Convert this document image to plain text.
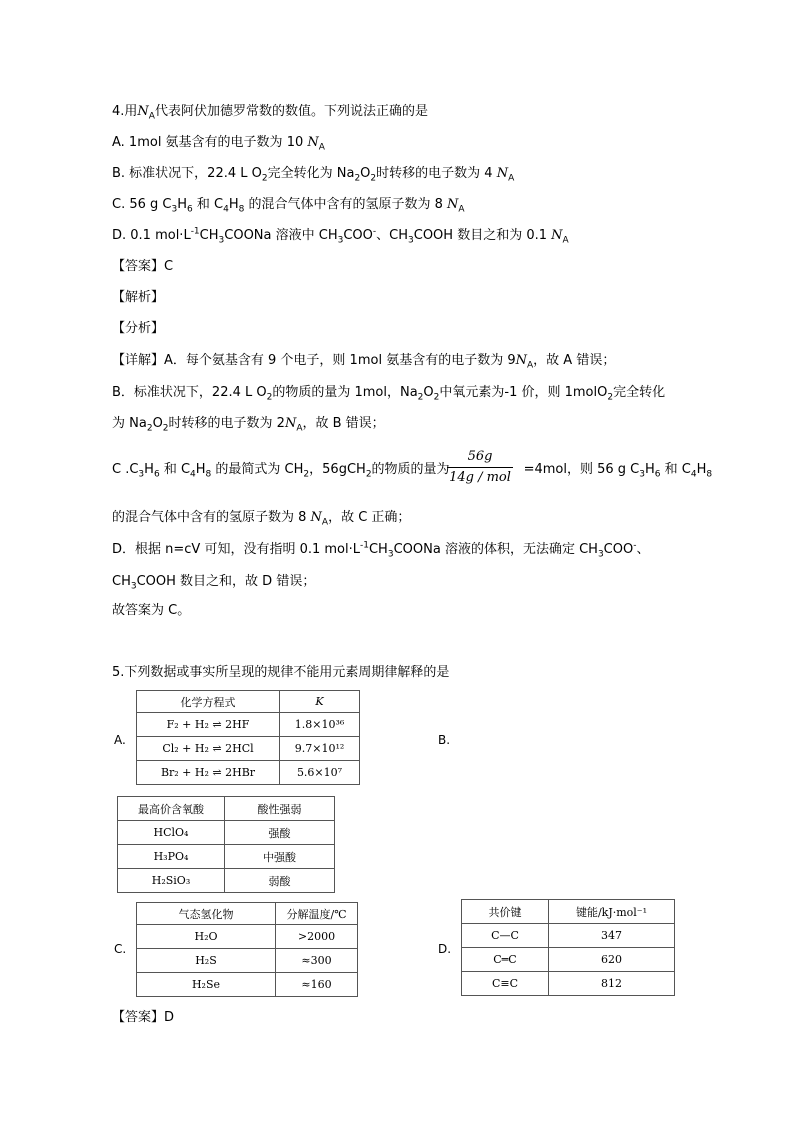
4.用$N_A$代表阿伏加德罗常数的数值。下列说法正确的是
A. 1mol 氨基含有的电子数为 10 $N_A$
B. 标准状况下，22.4 L $O_2$完全转化为 $Na_2O_2$时转移的电子数为 4 $N_A$
C. 56 g $C_3H_6$ 和 $C_4H_8$ 的混合气体中含有的氢原子数为 8 $N_A$
D. 0.1 $mol\cdot L^{-1}CH_3COONa$ 溶液中 $CH_3COO^-$、$CH_3COOH$ 数目之和为 0.1 $N_A$
【答案】C
【解析】
【分析】
【详解】A．每个氨基含有 9 个电子，则 1mol 氨基含有的电子数为 $9N_A$，故 A 错误；
B．标准状况下，22.4 L $O_2$的物质的量为 1mol，$Na_2O_2$中氧元素为-1 价，则 1molO$_2$完全转化
为 $Na_2O_2$时转移的电子数为 $2N_A$，故 B 错误；
C $.C_3H_6$ 和 $C_4H_8$ 的最简式为 $CH_2$，56gCH$_2$的物质的量为	=4mol，则 56 g $C_3H_6$ 和 $C_4H_8$
56g
14g / mol
的混合气体中含有的氢原子数为 8 $N_A$，故 C 正确；
D．根据 n=cV 可知，没有指明 0.1 $mol\cdot L^{-1}CH_3COONa$ 溶液的体积，无法确定 $CH_3COO^-$、
$CH_3COOH$ 数目之和，故 D 错误；
故答案为 C。
5.下列数据或事实所呈现的规律不能用元素周期律解释的是
A.
化学方程式	K
F₂ + H₂ ⇌ 2HF	1.8×10³⁶
Cl₂ + H₂ ⇌ 2HCl	9.7×10¹²
Br₂ + H₂ ⇌ 2HBr	5.6×10⁷
B.
最高价含氧酸	酸性强弱
HClO₄	强酸
H₃PO₄	中强酸
H₂SiO₃	弱酸
C.
气态氢化物	分解温度/℃
H₂O	>2000
H₂S	≈300
H₂Se	≈160
D.
共价键	键能/kJ·mol⁻¹
C—C	347
C═C	620
C≡C	812
【答案】D
